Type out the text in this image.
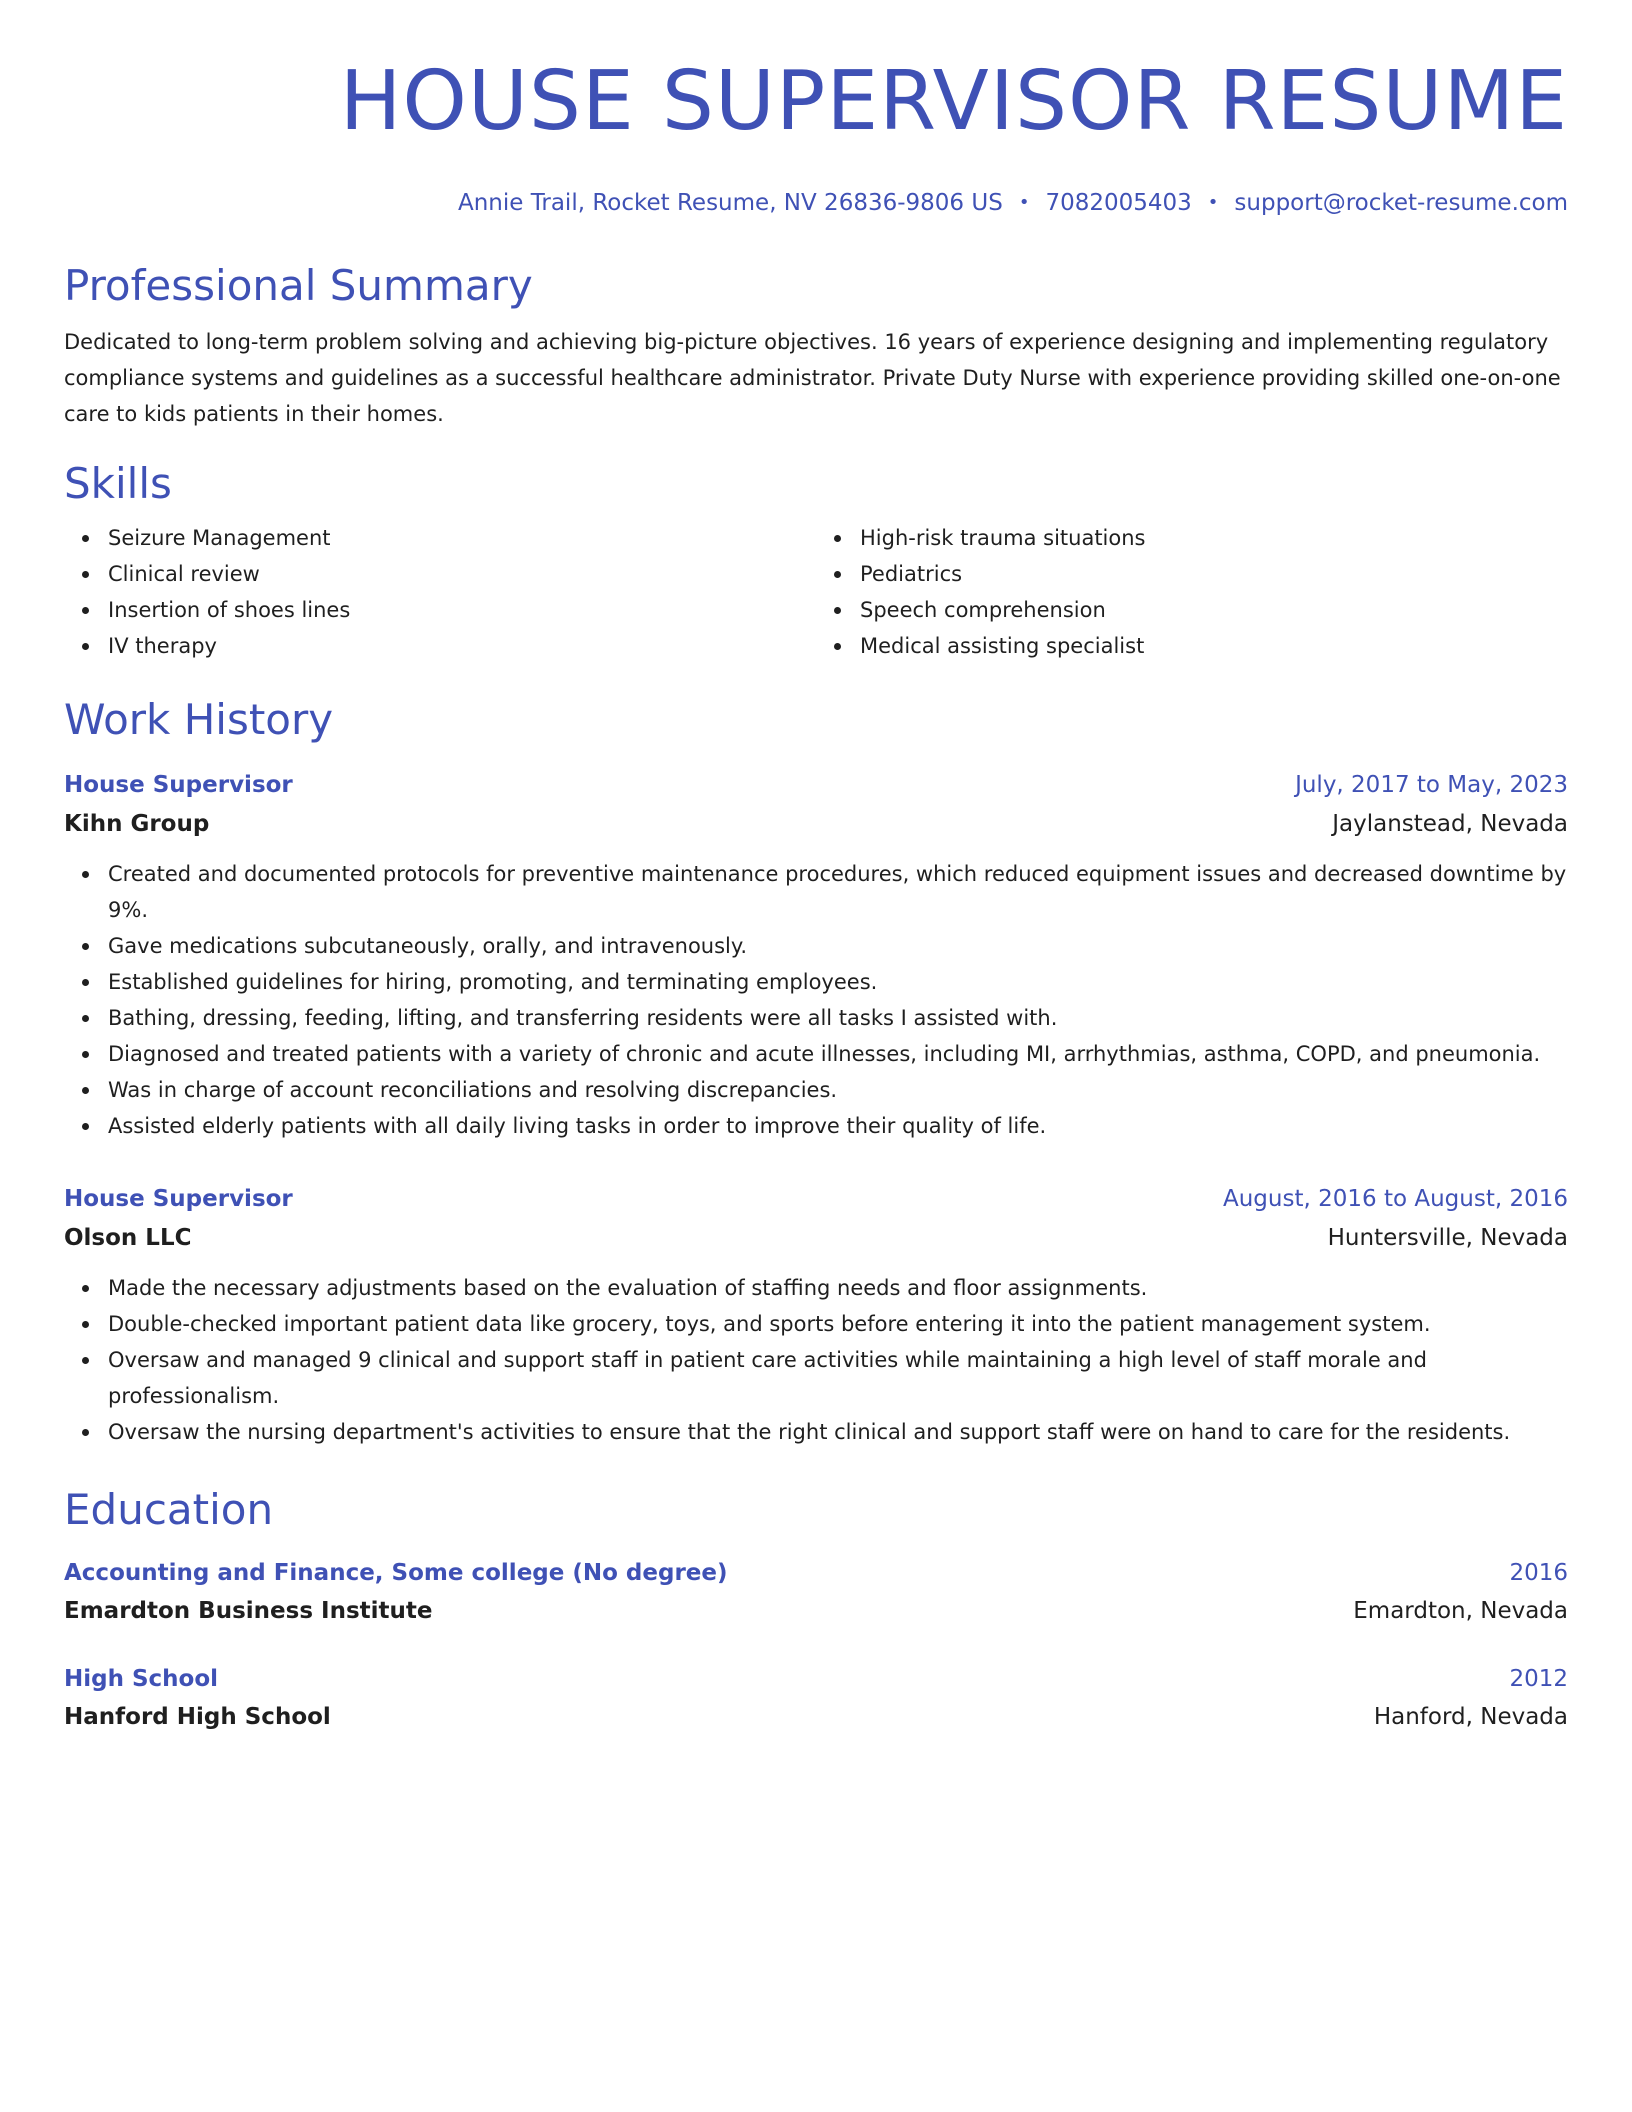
HOUSE SUPERVISOR RESUME
Annie Trail, Rocket Resume, NV 26836-9806 US • 7082005403 • support@rocket-resume.com
Professional Summary

Dedicated to long-term problem solving and achieving big-picture objectives. 16 years of experience designing and implementing regulatory compliance systems and guidelines as a successful healthcare administrator. Private Duty Nurse with experience providing skilled one-on-one care to kids patients in their homes.

Skills
Seizure Management
Clinical review
Insertion of shoes lines
IV therapy
High-risk trauma situations
Pediatrics
Speech comprehension
Medical assisting specialist
Work History
House Supervisor	July, 2017 to May, 2023
Kihn Group	Jaylanstead, Nevada
Created and documented protocols for preventive maintenance procedures, which reduced equipment issues and decreased downtime by 9%.
Gave medications subcutaneously, orally, and intravenously.
Established guidelines for hiring, promoting, and terminating employees.
Bathing, dressing, feeding, lifting, and transferring residents were all tasks I assisted with.
Diagnosed and treated patients with a variety of chronic and acute illnesses, including MI, arrhythmias, asthma, COPD, and pneumonia.
Was in charge of account reconciliations and resolving discrepancies.
Assisted elderly patients with all daily living tasks in order to improve their quality of life.
House Supervisor	August, 2016 to August, 2016
Olson LLC	Huntersville, Nevada
Made the necessary adjustments based on the evaluation of staffing needs and floor assignments.
Double-checked important patient data like grocery, toys, and sports before entering it into the patient management system.
Oversaw and managed 9 clinical and support staff in patient care activities while maintaining a high level of staff morale and professionalism.
Oversaw the nursing department's activities to ensure that the right clinical and support staff were on hand to care for the residents.
Education
Accounting and Finance, Some college (No degree)	2016
Emardton Business Institute	Emardton, Nevada
High School	2012
Hanford High School	Hanford, Nevada
